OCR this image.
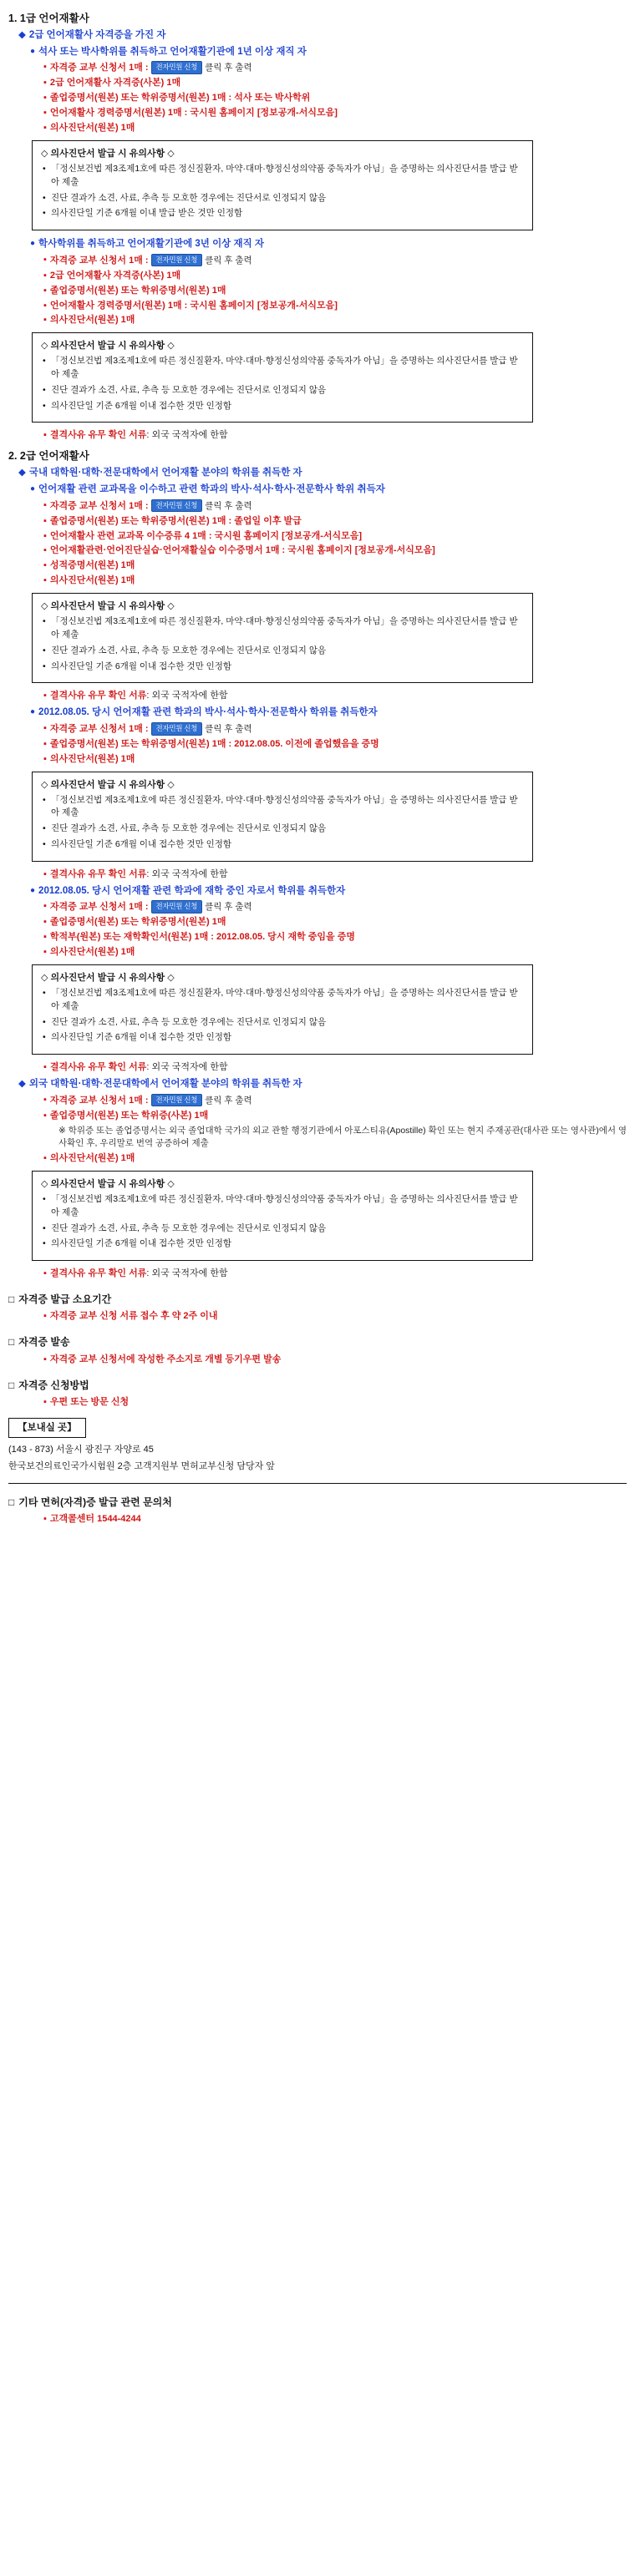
1. 1급 언어재활사
◆ 2급 언어재활사 자격증을 가진 자
● 석사 또는 박사학위를 취득하고 언어재활기관에 1년 이상 재직 자
▪ 자격증 교부 신청서 1매 : 전자민원 신청 클릭 후 출력
▪ 2급 언어재활사 자격증(사본) 1매
▪ 졸업증명서(원본) 또는 학위증명서(원본) 1매 : 석사 또는 박사학위
▪ 언어재활사 경력증명서(원본) 1매 : 국시원 홈페이지 [정보공개-서식모음]
▪ 의사진단서(원본) 1매
◇ 의사진단서 발급 시 유의사항 ◇
• 「정신보건법 제3조제1호에 따른 정신질환자, 마약·대마·향정신성의약품 중독자가 아님」을 증명하는 의사진단서를 발급 받아 제출
• 진단 결과가 소견, 사료, 추측 등 모호한 경우에는 진단서로 인정되지 않음
• 의사진단일 기준 6개월 이내 발급 받은 것만 인정함
● 학사학위를 취득하고 언어재활기관에 3년 이상 재직 자
▪ 자격증 교부 신청서 1매 : 전자민원 신청 클릭 후 출력
▪ 2급 언어재활사 자격증(사본) 1매
▪ 졸업증명서(원본) 또는 학위증명서(원본) 1매
▪ 언어재활사 경력증명서(원본) 1매 : 국시원 홈페이지 [정보공개-서식모음]
▪ 의사진단서(원본) 1매
◇ 의사진단서 발급 시 유의사항 ◇
• 「정신보건법 제3조제1호에 따른 정신질환자, 마약·대마·향정신성의약품 중독자가 아님」을 증명하는 의사진단서를 발급 받아 제출
• 진단 결과가 소견, 사료, 추측 등 모호한 경우에는 진단서로 인정되지 않음
• 의사진단일 기준 6개월 이내 접수한 것만 인정함
▪ 결격사유 유무 확인 서류: 외국 국적자에 한함
2. 2급 언어재활사
◆ 국내 대학원·대학·전문대학에서 언어재활 분야의 학위를 취득한 자
● 언어재활 관련 교과목을 이수하고 관련 학과의 박사·석사·학사·전문학사 학위 취득자
▪ 자격증 교부 신청서 1매 : 전자민원 신청 클릭 후 출력
▪ 졸업증명서(원본) 또는 학위증명서(원본) 1매 : 졸업일 이후 발급
▪ 언어재활사 관련 교과목 이수증류 4 1매 : 국시원 홈페이지 [정보공개-서식모음]
▪ 언어재활관련·언어진단실습·언어재활실습 이수증명서 1매 : 국시원 홈페이지 [정보공개-서식모음]
▪ 성적증명서(원본) 1매
▪ 의사진단서(원본) 1매
◇ 의사진단서 발급 시 유의사항 ◇
• 「정신보건법 제3조제1호에 따른 정신질환자, 마약·대마·향정신성의약품 중독자가 아님」을 증명하는 의사진단서를 발급 받아 제출
• 진단 결과가 소견, 사료, 추측 등 모호한 경우에는 진단서로 인정되지 않음
• 의사진단일 기준 6개월 이내 접수한 것만 인정함
▪ 결격사유 유무 확인 서류: 외국 국적자에 한함
● 2012.08.05. 당시 언어재활 관련 학과의 박사·석사·학사·전문학사 학위를 취득한자
▪ 자격증 교부 신청서 1매 : 전자민원 신청 클릭 후 출력
▪ 졸업증명서(원본) 또는 학위증명서(원본) 1매 : 2012.08.05. 이전에 졸업했음을 증명
▪ 의사진단서(원본) 1매
◇ 의사진단서 발급 시 유의사항 ◇
• 「정신보건법 제3조제1호에 따른 정신질환자, 마약·대마·향정신성의약품 중독자가 아님」을 증명하는 의사진단서를 발급 받아 제출
• 진단 결과가 소견, 사료, 추측 등 모호한 경우에는 진단서로 인정되지 않음
• 의사진단일 기준 6개월 이내 접수한 것만 인정함
▪ 결격사유 유무 확인 서류: 외국 국적자에 한함
● 2012.08.05. 당시 언어재활 관련 학과에 재학 중인 자로서 학위를 취득한자
▪ 자격증 교부 신청서 1매 : 전자민원 신청 클릭 후 출력
▪ 졸업증명서(원본) 또는 학위증명서(원본) 1매
▪ 학적부(원본) 또는 재학확인서(원본) 1매 : 2012.08.05. 당시 재학 중임을 증명
▪ 의사진단서(원본) 1매
◇ 의사진단서 발급 시 유의사항 ◇
• 「정신보건법 제3조제1호에 따른 정신질환자, 마약·대마·향정신성의약품 중독자가 아님」을 증명하는 의사진단서를 발급 받아 제출
• 진단 결과가 소견, 사료, 추측 등 모호한 경우에는 진단서로 인정되지 않음
• 의사진단일 기준 6개월 이내 접수한 것만 인정함
▪ 결격사유 유무 확인 서류: 외국 국적자에 한함
◆ 외국 대학원·대학·전문대학에서 언어재활 분야의 학위를 취득한 자
▪ 자격증 교부 신청서 1매 : 전자민원 신청 클릭 후 출력
▪ 졸업증명서(원본) 또는 학위증(사본) 1매
※ 학위증 또는 졸업증명서는 외국 졸업대학 국가의 외교 관할 행정기관에서 아포스티유(Apostille) 확인 또는 현지 주재공관(대사관 또는 영사관)에서 영사확인 후, 우리말로 번역 공증하여 제출
▪ 의사진단서(원본) 1매
◇ 의사진단서 발급 시 유의사항 ◇
• 「정신보건법 제3조제1호에 따른 정신질환자, 마약·대마·향정신성의약품 중독자가 아님」을 증명하는 의사진단서를 발급 받아 제출
• 진단 결과가 소견, 사료, 추측 등 모호한 경우에는 진단서로 인정되지 않음
• 의사진단일 기준 6개월 이내 접수한 것만 인정함
▪ 결격사유 유무 확인 서류: 외국 국적자에 한함
□ 자격증 발급 소요기간
▪ 자격증 교부 신청 서류 접수 후 약 2주 이내
□ 자격증 발송
▪ 자격증 교부 신청서에 작성한 주소지로 개별 등기우편 발송
□ 자격증 신청방법
▪ 우편 또는 방문 신청
【보내실 곳】
(143 - 873) 서울시 광진구 자양로 45
한국보건의료인국가시험원 2층 고객지원부 면허교부신청 담당자 앞
□ 기타 면허(자격)증 발급 관련 문의처
▪ 고객콜센터 1544-4244
